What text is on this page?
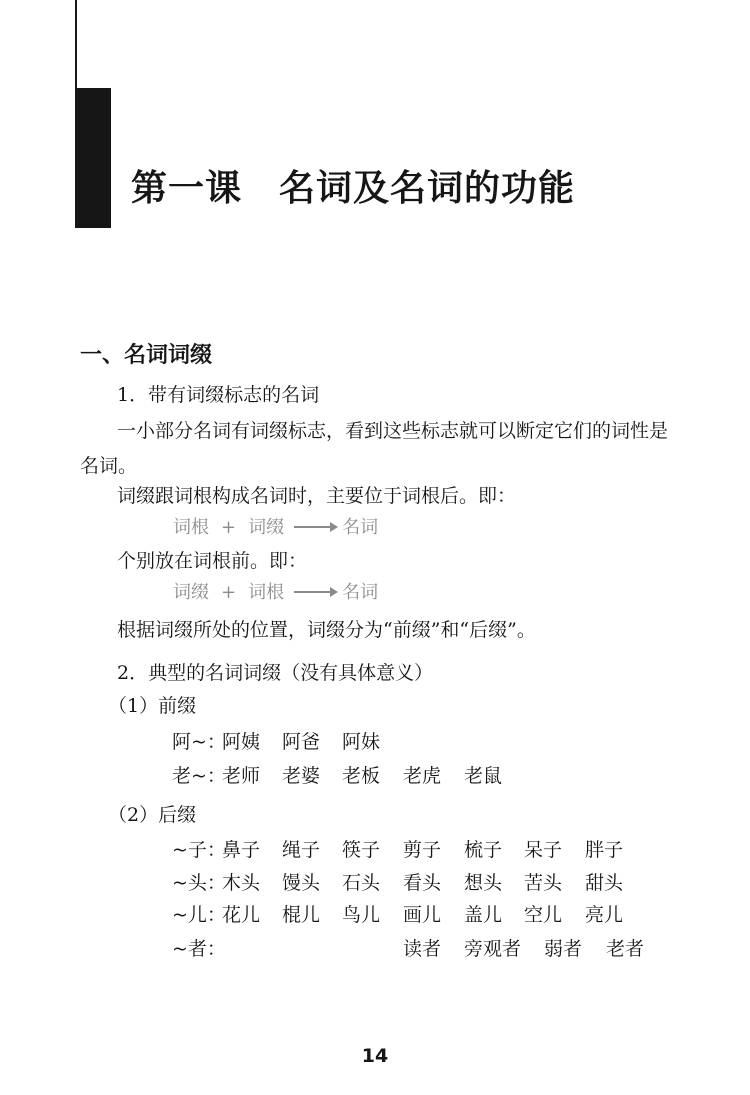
第一课　名词及名词的功能
一、名词词缀
1．带有词缀标志的名词
一小部分名词有词缀标志，看到这些标志就可以断定它们的词性是
名词。
词缀跟词根构成名词时，主要位于词根后。即：
词根 + 词缀	名词
个别放在词根前。即：
词缀 + 词根	名词
根据词缀所处的位置，词缀分为“前缀”和“后缀”。
2．典型的名词词缀（没有具体意义）
（1）前缀
阿~：
阿姨 阿爸 阿妹
老~：
老师 老婆 老板 老虎 老鼠
（2）后缀
~子：
鼻子 绳子 筷子 剪子 梳子 呆子 胖子
~头：
木头 馒头 石头 看头 想头 苦头 甜头
~儿：
花儿 棍儿 鸟儿 画儿 盖儿 空儿 亮儿
~者：	读者 旁观者 弱者 老者
14
